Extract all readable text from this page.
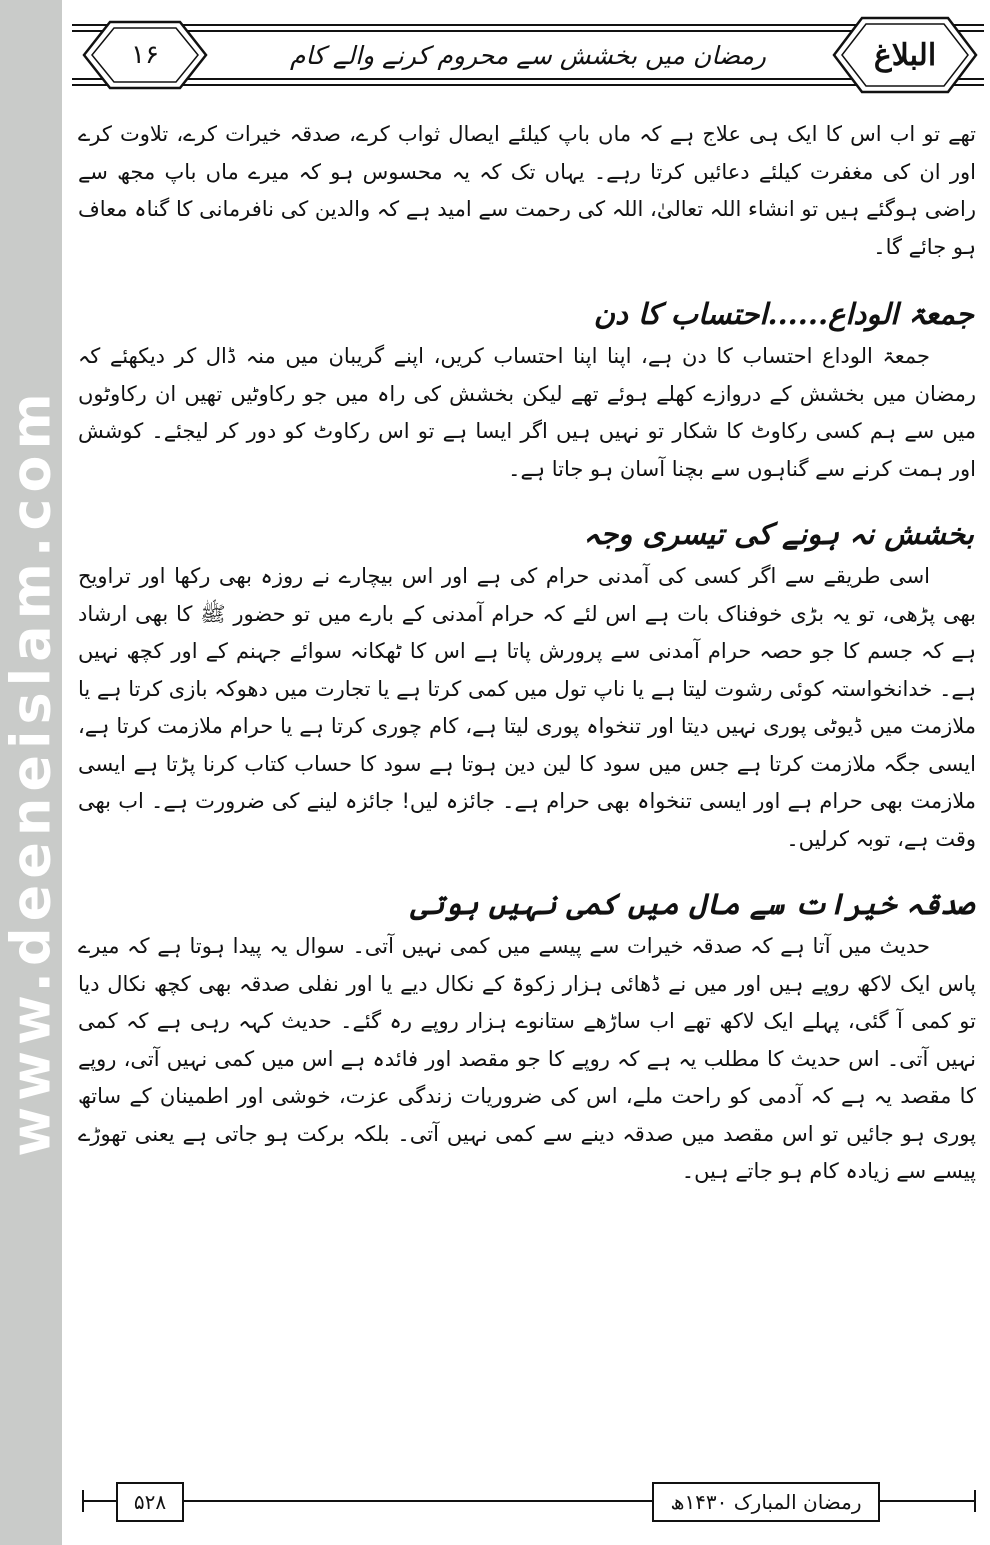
www.deeneislam.com
۱۶	رمضان میں بخشش سے محروم کرنے والے کام	البلاغ

تھے تو اب اس کا ایک ہی علاج ہے کہ ماں باپ کیلئے ایصال ثواب کرے، صدقہ خیرات کرے، تلاوت کرے اور ان کی مغفرت کیلئے دعائیں کرتا رہے۔ یہاں تک کہ یہ محسوس ہو کہ میرے ماں باپ مجھ سے راضی ہوگئے ہیں تو انشاء اللہ تعالیٰ، اللہ کی رحمت سے امید ہے کہ والدین کی نافرمانی کا گناہ معاف ہو جائے گا۔

جمعۃ الوداع......احتساب کا دن

جمعۃ الوداع احتساب کا دن ہے، اپنا اپنا احتساب کریں، اپنے گریبان میں منہ ڈال کر دیکھئے کہ رمضان میں بخشش کے دروازے کھلے ہوئے تھے لیکن بخشش کی راہ میں جو رکاوٹیں تھیں ان رکاوٹوں میں سے ہم کسی رکاوٹ کا شکار تو نہیں ہیں اگر ایسا ہے تو اس رکاوٹ کو دور کر لیجئے۔ کوشش اور ہمت کرنے سے گناہوں سے بچنا آسان ہو جاتا ہے۔

بخشش نہ ہونے کی تیسری وجہ

اسی طریقے سے اگر کسی کی آمدنی حرام کی ہے اور اس بیچارے نے روزہ بھی رکھا اور تراویح بھی پڑھی، تو یہ بڑی خوفناک بات ہے اس لئے کہ حرام آمدنی کے بارے میں تو حضور ﷺ کا بھی ارشاد ہے کہ جسم کا جو حصہ حرام آمدنی سے پرورش پاتا ہے اس کا ٹھکانہ سوائے جہنم کے اور کچھ نہیں ہے۔ خدانخواستہ کوئی رشوت لیتا ہے یا ناپ تول میں کمی کرتا ہے یا تجارت میں دھوکہ بازی کرتا ہے یا ملازمت میں ڈیوٹی پوری نہیں دیتا اور تنخواہ پوری لیتا ہے، کام چوری کرتا ہے یا حرام ملازمت کرتا ہے، ایسی جگہ ملازمت کرتا ہے جس میں سود کا لین دین ہوتا ہے سود کا حساب کتاب کرنا پڑتا ہے ایسی ملازمت بھی حرام ہے اور ایسی تنخواہ بھی حرام ہے۔ جائزہ لیں! جائزہ لینے کی ضرورت ہے۔ اب بھی وقت ہے، توبہ کرلیں۔

صدقہ خیرات سے مال میں کمی نہیں ہوتی

حدیث میں آتا ہے کہ صدقہ خیرات سے پیسے میں کمی نہیں آتی۔ سوال یہ پیدا ہوتا ہے کہ میرے پاس ایک لاکھ روپے ہیں اور میں نے ڈھائی ہزار زکوۃ کے نکال دیے یا اور نفلی صدقہ بھی کچھ نکال دیا تو کمی آ گئی، پہلے ایک لاکھ تھے اب ساڑھے ستانوے ہزار روپے رہ گئے۔ حدیث کہہ رہی ہے کہ کمی نہیں آتی۔ اس حدیث کا مطلب یہ ہے کہ روپے کا جو مقصد اور فائدہ ہے اس میں کمی نہیں آتی، روپے کا مقصد یہ ہے کہ آدمی کو راحت ملے، اس کی ضروریات زندگی عزت، خوشی اور اطمینان کے ساتھ پوری ہو جائیں تو اس مقصد میں صدقہ دینے سے کمی نہیں آتی۔ بلکہ برکت ہو جاتی ہے یعنی تھوڑے پیسے سے زیادہ کام ہو جاتے ہیں۔

۵۲۸	رمضان المبارک ۱۴۳۰ھ
